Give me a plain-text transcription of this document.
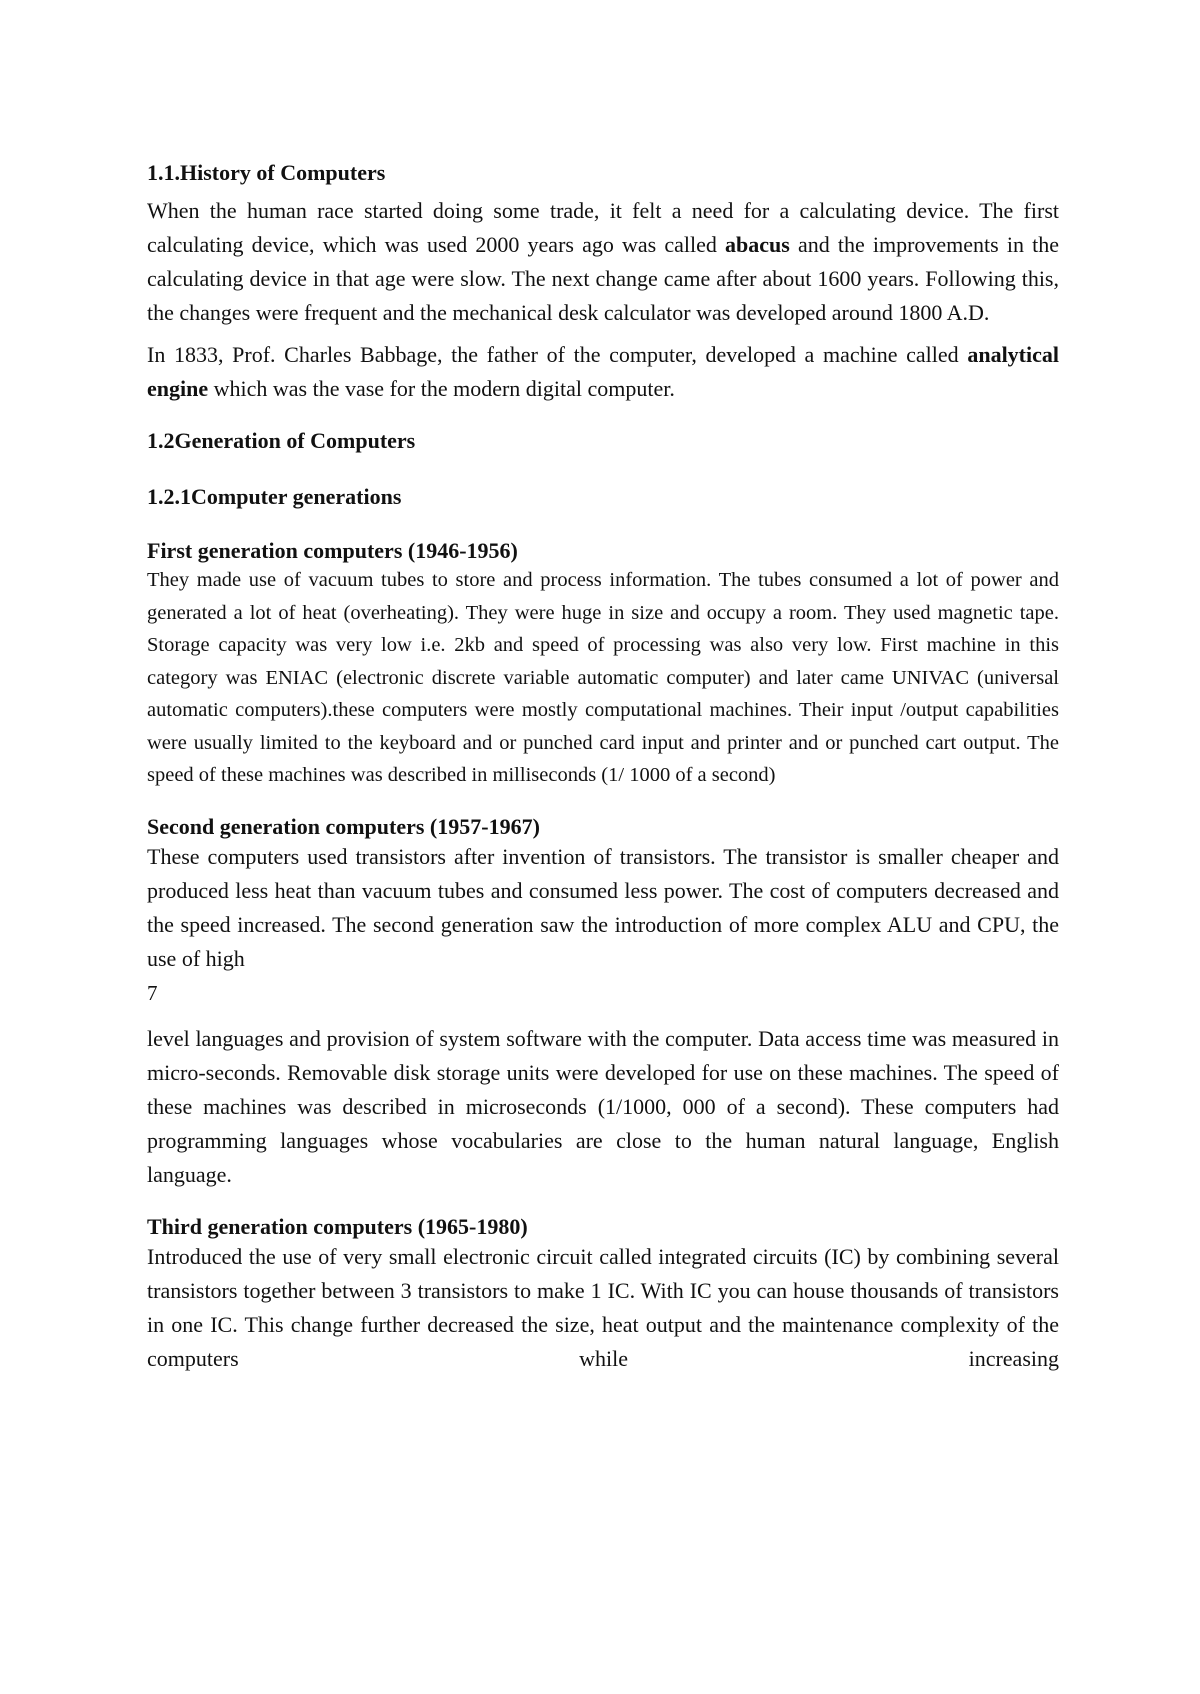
1.1.History of Computers

When the human race started doing some trade, it felt a need for a calculating device. The first calculating device, which was used 2000 years ago was called abacus and the improvements in the calculating device in that age were slow. The next change came after about 1600 years. Following this, the changes were frequent and the mechanical desk calculator was developed around 1800 A.D.

In 1833, Prof. Charles Babbage, the father of the computer, developed a machine called analytical engine which was the vase for the modern digital computer.

1.2Generation of Computers

1.2.1Computer generations

First generation computers (1946-1956)

They made use of vacuum tubes to store and process information. The tubes consumed a lot of power and generated a lot of heat (overheating). They were huge in size and occupy a room. They used magnetic tape. Storage capacity was very low i.e. 2kb and speed of processing was also very low. First machine in this category was ENIAC (electronic discrete variable automatic computer) and later came UNIVAC (universal automatic computers).these computers were mostly computational machines. Their input /output capabilities were usually limited to the keyboard and or punched card input and printer and or punched cart output. The speed of these machines was described in milliseconds (1/ 1000 of a second)

Second generation computers (1957-1967)

These computers used transistors after invention of transistors. The transistor is smaller cheaper and produced less heat than vacuum tubes and consumed less power. The cost of computers decreased and the speed increased. The second generation saw the introduction of more complex ALU and CPU, the use of high

7

level languages and provision of system software with the computer. Data access time was measured in micro-seconds. Removable disk storage units were developed for use on these machines. The speed of these machines was described in microseconds (1/1000, 000 of a second). These computers had programming languages whose vocabularies are close to the human natural language, English language.

Third generation computers (1965-1980)

Introduced the use of very small electronic circuit called integrated circuits (IC) by combining several transistors together between 3 transistors to make 1 IC. With IC you can house thousands of transistors in one IC. This change further decreased the size, heat output and the maintenance complexity of the computers while increasing
